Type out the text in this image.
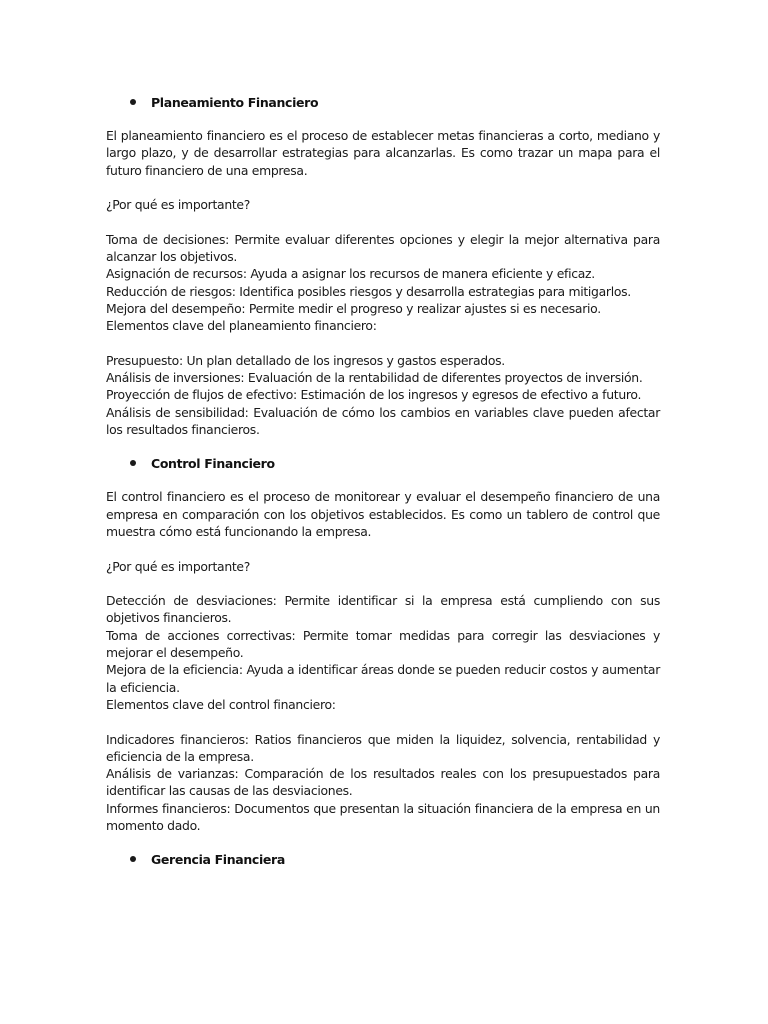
Planeamiento Financiero

El planeamiento financiero es el proceso de establecer metas financieras a corto, mediano y largo plazo, y de desarrollar estrategias para alcanzarlas. Es como trazar un mapa para el futuro financiero de una empresa.

¿Por qué es importante?

Toma de decisiones: Permite evaluar diferentes opciones y elegir la mejor alternativa para alcanzar los objetivos.
Asignación de recursos: Ayuda a asignar los recursos de manera eficiente y eficaz.
Reducción de riesgos: Identifica posibles riesgos y desarrolla estrategias para mitigarlos.
Mejora del desempeño: Permite medir el progreso y realizar ajustes si es necesario.
Elementos clave del planeamiento financiero:

Presupuesto: Un plan detallado de los ingresos y gastos esperados.
Análisis de inversiones: Evaluación de la rentabilidad de diferentes proyectos de inversión.
Proyección de flujos de efectivo: Estimación de los ingresos y egresos de efectivo a futuro.
Análisis de sensibilidad: Evaluación de cómo los cambios en variables clave pueden afectar los resultados financieros.

Control Financiero

El control financiero es el proceso de monitorear y evaluar el desempeño financiero de una empresa en comparación con los objetivos establecidos. Es como un tablero de control que muestra cómo está funcionando la empresa.

¿Por qué es importante?

Detección de desviaciones: Permite identificar si la empresa está cumpliendo con sus objetivos financieros.
Toma de acciones correctivas: Permite tomar medidas para corregir las desviaciones y mejorar el desempeño.
Mejora de la eficiencia: Ayuda a identificar áreas donde se pueden reducir costos y aumentar la eficiencia.
Elementos clave del control financiero:

Indicadores financieros: Ratios financieros que miden la liquidez, solvencia, rentabilidad y eficiencia de la empresa.
Análisis de varianzas: Comparación de los resultados reales con los presupuestados para identificar las causas de las desviaciones.
Informes financieros: Documentos que presentan la situación financiera de la empresa en un momento dado.

Gerencia Financiera
